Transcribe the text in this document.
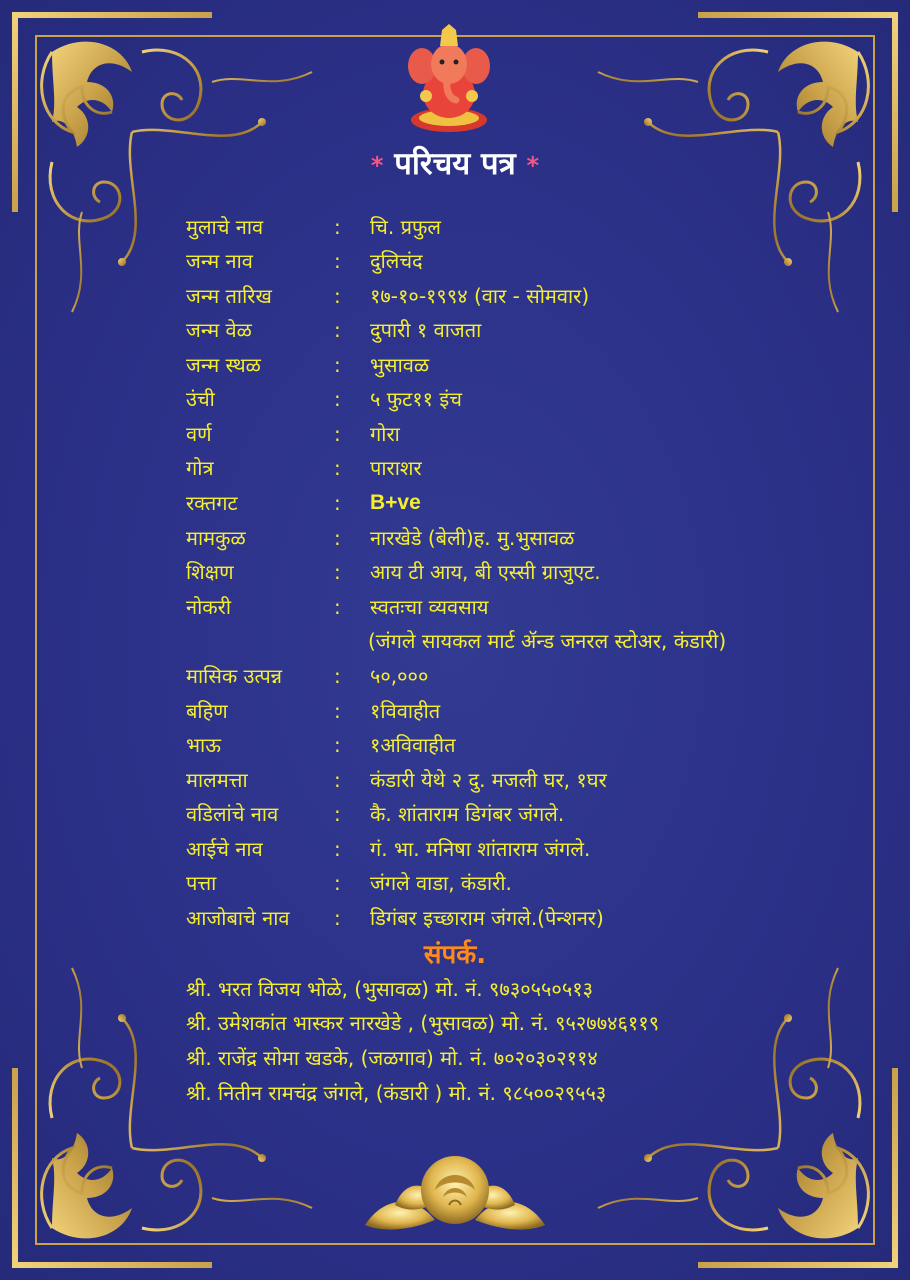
* परिचय पत्र *
मुलाचे नाव	: चि. प्रफुल
जन्म नाव	: दुलिचंद
जन्म तारिख	: १७-१०-१९९४ (वार - सोमवार)
जन्म वेळ	: दुपारी १ वाजता
जन्म स्थळ	: भुसावळ
उंची	: ५ फुट११ इंच
वर्ण	: गोरा
गोत्र	: पाराशर
रक्तगट	: B+ve
मामकुळ	: नारखेडे (बेली)ह. मु.भुसावळ
शिक्षण	: आय टी आय, बी एस्सी ग्राजुएट.
नोकरी	: स्वतःचा व्यवसाय
(जंगले सायकल मार्ट ॲन्ड जनरल स्टोअर, कंडारी)
मासिक उत्पन्न	: ५०,०००
बहिण	: १विवाहीत
भाऊ	: १अविवाहीत
मालमत्ता	: कंडारी येथे २ दु. मजली घर, १घर
वडिलांचे नाव	: कै. शांताराम डिगंबर जंगले.
आईचे नाव	: गं. भा. मनिषा शांताराम जंगले.
पत्ता	: जंगले वाडा, कंडारी.
आजोबाचे नाव : डिगंबर इच्छाराम जंगले.(पेन्शनर)
संपर्क.
श्री. भरत विजय भोळे, (भुसावळ) मो. नं. ९७३०५५०५१३
श्री. उमेशकांत भास्कर नारखेडे , (भुसावळ) मो. नं. ९५२७७४६११९
श्री. राजेंद्र सोमा खडके, (जळगाव) मो. नं. ७०२०३०२११४
श्री. नितीन रामचंद्र जंगले, (कंडारी ) मो. नं. ९८५००२९५५३
